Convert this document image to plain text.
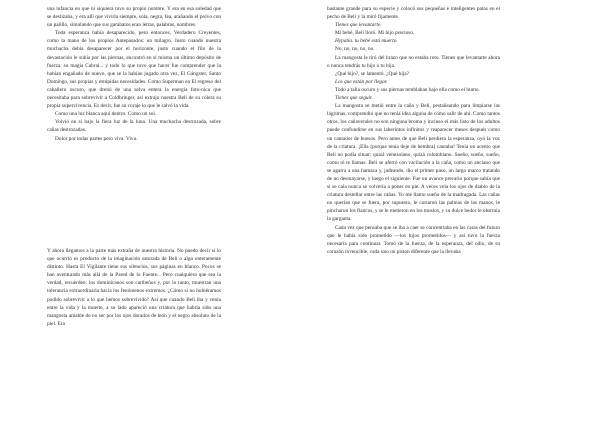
una infancia en que ni siquiera tuvo su propio nombre. Y era en esa soledad que se deslizaba, y era allí que vivirla siempre, sola, negra, fea, arañando el polvo con un palillo, simulando que sus garabatos eran letras, palabras, nombres.

Toda esperanza había desaparecido, pero entonces, Verdadero Creyentes, como la mano de los propios Antepasados: un milagro. Justo cuando nuestra muchacha debía desaparecer por el horizonte, justo cuando el filo de la devastación le subía por las piernas, encontró en sí misma un último depósito de fuerza: su magia Cabral... y todo lo que tuvo que hacer fue comprender que la habían engañado de nuevo, que se la habían jugado otra vez, El Gángster, Santo Domingo, sus propias y estúpidas necesidades. Como Superman en El regreso del caballero oscuro, que drenó de una selva entera la energía foto-nica que necesitaba para sobrevivir a Coldbringer, así extrajo nuestra Beli de su cólera su propia supervivencia. Es decir, fue su coraje lo que le salvó la vida.

Como una luz blanca aquí dentro. Como un sol.

Volvió en sí bajo la fiera luz de la luna. Una muchacha destrozada, sobre cañas destrozadas.

Dolor por todas partes pero viva. Viva.

Y ahora llegamos a la parte más extraña de nuestra historia. No puedo decir si lo que ocurrió es producto de la imaginación saturada de Beli o algo enteramente distinto. Hasta El Vigilante tiene sus silencios, sus páginas en blanco. Pocos se han aventurado más allá de la Pared de lo Fuente... Pero cualquiera que sea la verdad, recuerden: los dominicanos son caribeños y, por lo tanto, muestran una tolerancia extraordinaria hacia los fenómenos extremos. ¿Cómo si no hubiéramos podido sobrevivir a lo que hemos sobrevivido? Así que cuando Beli iba y venía entre la vida y la muerte, a su lado apareció una criatura que habría sido una mangosta amable de no ser por los ojos dorados de león y el negro absoluto de la piel. Era

bastante grande para su especie y colocó sus pequeñas e inteligentes patas en el pecho de Beli y la miró fijamente.

Tienes que levantarte.

Mi bebé, Beli lloró. Mi hijo precioso.

Hypatía. tu bebé está muerto.

No, no, no, no, no.

La mangosta le tiró del brazo que no estaba roto. Tienes que levantarte ahora o nunca tendrás tu hijo o tu hija.

¿Qué hijo?, se lamentó. ¿Qué hija?

Los que están por llegar.

Todo a talla oscuro y sus piernas temblaban bajo ella como el humo.

Tienes que seguir.

La mangosta se metió entre la caña y Beli, pestañeando para limpiarse las lágrimas, comprendió que no tenía idea alguna de cómo salir de ahí. Como tantos otros, los cañaverales no son ninguna broma y incluso el más listo de los adultos puede confundirse en sus laberintos infinitos y reaparecer meses después como un cantador de huesos. Pero antes de que Beli perdiera la esperanza, oyó la voz de la criatura. ¡Ella (porque tenía deje de hembra) cantaba! Tenía un acento que Beli no podía situar: quizá venezolano, quizá colombiano. Sueño, sueño, sueño, como tú te llamas. Beli se aferró con vacilación a la caña, como un anciano que se agarra a una hamaca y, jadeando, dio el primer paso, un largo marco tratando de no desmayarse, y luego el siguiente. Fue un avance precario porque sabía que si se caía nunca se volvería a poner en pie. A veces vela los ojos de diablo de la criatura destellar entre las cañas. Yo me llamo sueño de la madrugada. Las cañas no querían que se fuera, por supuesto, le cortaron las palmas de las manos, le pincharon los flancos, y se le metieron en los muslos, y su dulce hedor le obstruía la garganta.

Cada vez que pensaba que se iba a caer se concentraba en las caras del futuro que le había sido prometido —los hijos prometidos— y así tuvo la fuerza necesaria para continuar. Tomó de la fuerza, de la esperanza, del odio, de su corazón invencible, cada uno un piston diferente que la llevaba
